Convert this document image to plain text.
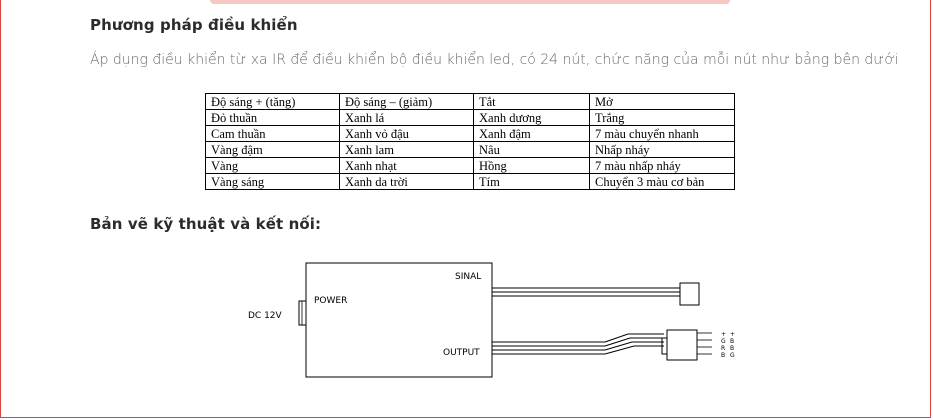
Phương pháp điều khiển
Áp dụng điều khiển từ xa IR để điều khiển bộ điều khiển led, có 24 nút, chức năng của mỗi nút như bảng bên dưới
Độ sáng + (tăng)	Độ sáng – (giảm)	Tắt	Mở
Đỏ thuần	Xanh lá	Xanh dương	Trắng
Cam thuần	Xanh vỏ đậu	Xanh đậm	7 màu chuyển nhanh
Vàng đậm	Xanh lam	Nâu	Nhấp nháy
Vàng	Xanh nhạt	Hồng	7 màu nhấp nháy
Vàng sáng	Xanh da trời	Tím	Chuyển 3 màu cơ bản
Bản vẽ kỹ thuật và kết nối:
SINAL
POWER
OUTPUT
DC 12V
+
G
R
B
+
B
B
G
